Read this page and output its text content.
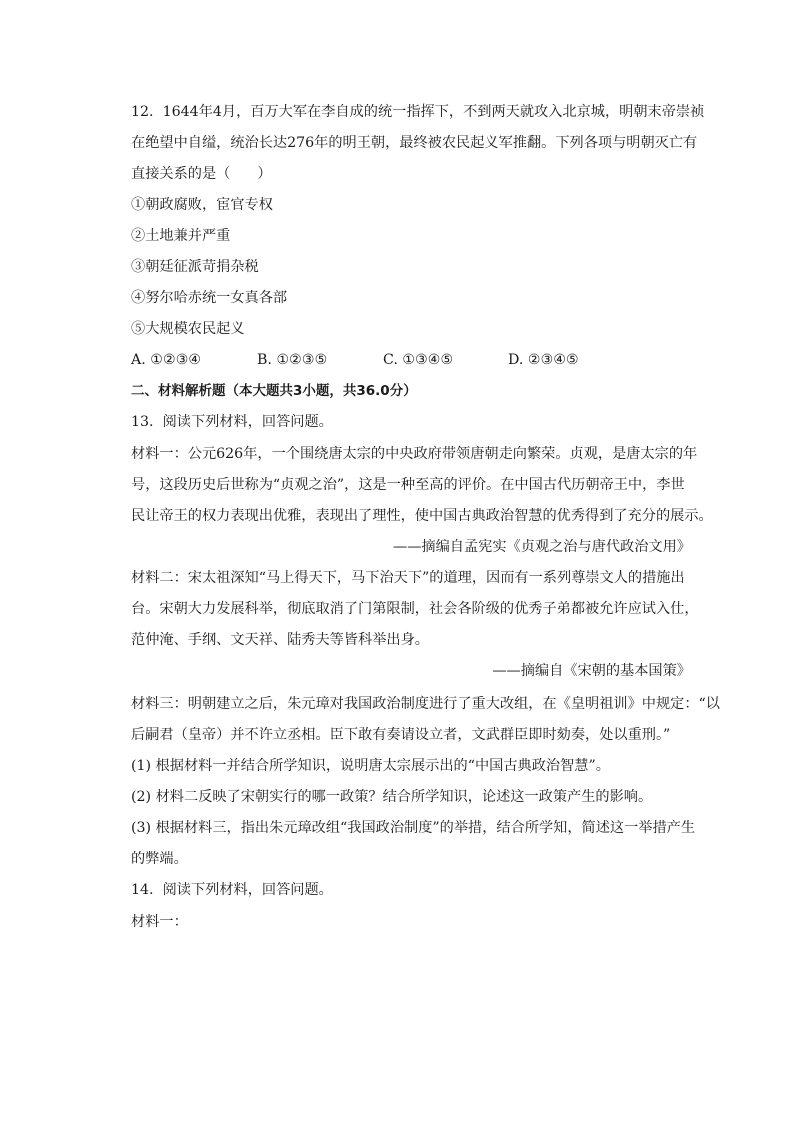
12.  1644年4月，百万大军在李自成的统一指挥下，不到两天就攻入北京城，明朝末帝崇祯
在绝望中自缢，统治长达276年的明王朝，最终被农民起义军推翻。下列各项与明朝灭亡有
直接关系的是（      ）
①朝政腐败，宦官专权
②土地兼并严重
③朝廷征派苛捐杂税
④努尔哈赤统一女真各部
⑤大规模农民起义
A. ①②③④	B. ①②③⑤	C. ①③④⑤	D. ②③④⑤
二、材料解析题（本大题共3小题，共36.0分）
13.  阅读下列材料，回答问题。
材料一：公元626年，一个围绕唐太宗的中央政府带领唐朝走向繁荣。贞观，是唐太宗的年
号，这段历史后世称为“贞观之治”，这是一种至高的评价。在中国古代历朝帝王中，李世
民让帝王的权力表现出优雅，表现出了理性，使中国古典政治智慧的优秀得到了充分的展示。
——摘编自孟宪实《贞观之治与唐代政治文用》
材料二：宋太祖深知“马上得天下，马下治天下”的道理，因而有一系列尊崇文人的措施出
台。宋朝大力发展科举，彻底取消了门第限制，社会各阶级的优秀子弟都被允许应试入仕，
范仲淹、手纲、文天祥、陆秀夫等皆科举出身。
——摘编自《宋朝的基本国策》
材料三：明朝建立之后，朱元璋对我国政治制度进行了重大改组，在《皇明祖训》中规定：“以
后嗣君（皇帝）并不许立丞相。臣下敢有奏请设立者，文武群臣即时劾奏，处以重刑。”
(1) 根据材料一并结合所学知识，说明唐太宗展示出的“中国古典政治智慧”。
(2) 材料二反映了宋朝实行的哪一政策？结合所学知识，论述这一政策产生的影响。
(3) 根据材料三，指出朱元璋改组“我国政治制度”的举措，结合所学知，简述这一举措产生
的弊端。
14.  阅读下列材料，回答问题。
材料一：
